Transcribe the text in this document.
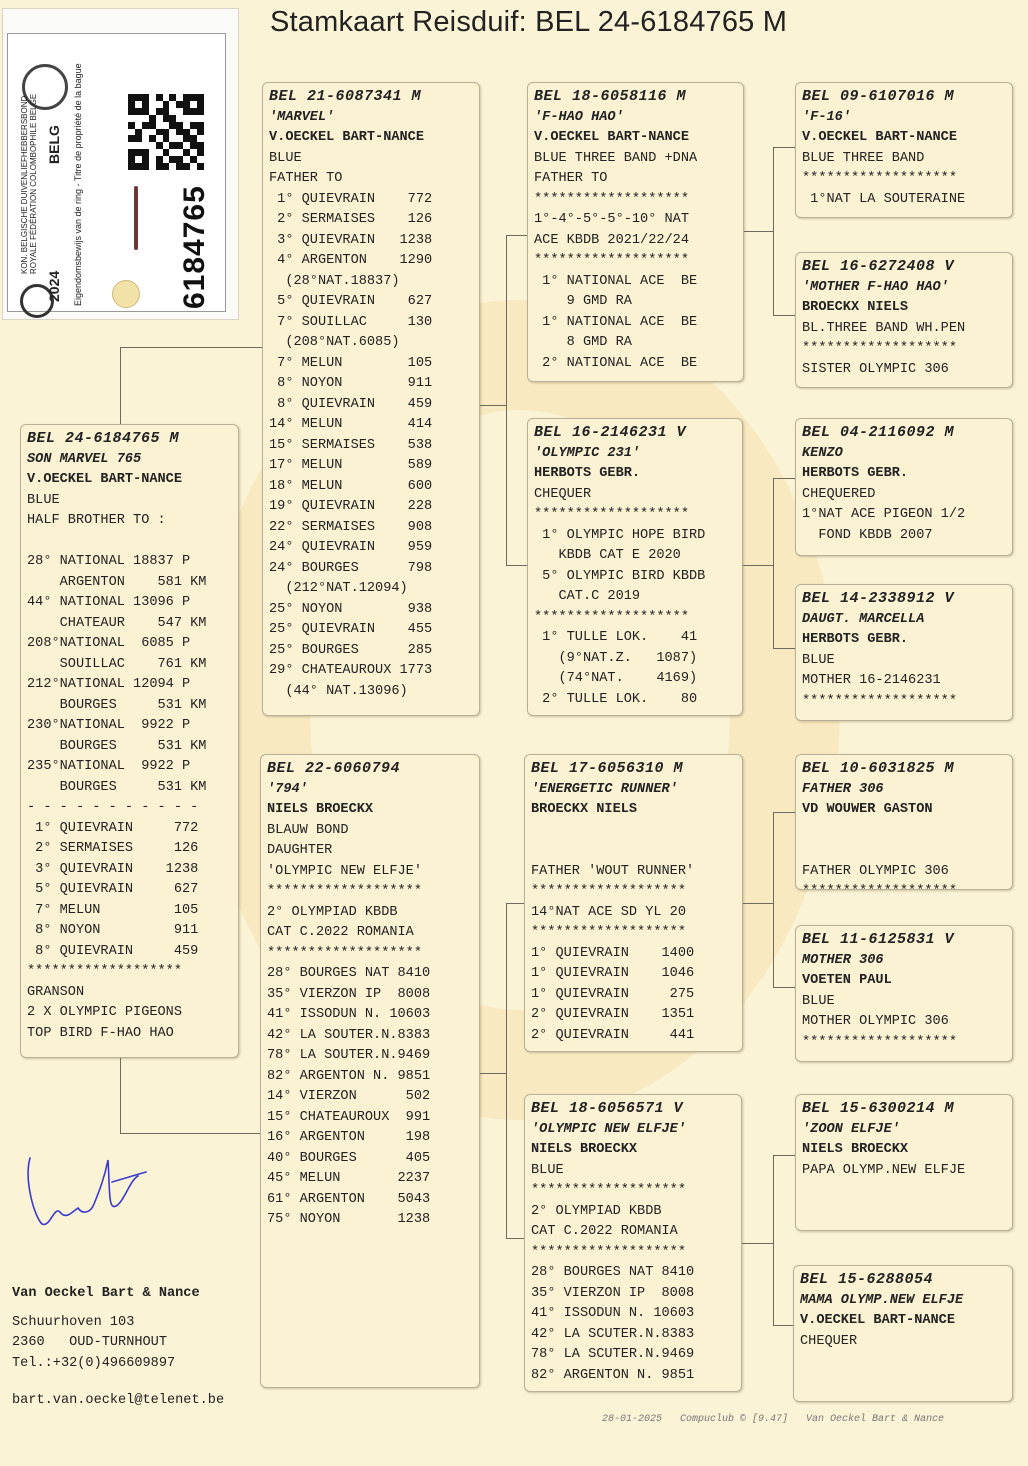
Stamkaart Reisduif: BEL 24-6184765 M
KON. BELGISCHE DUIVENLIEFHEBBERSBOND ROYALE FÉDÉRATION COLOMBOPHILE BELGE
2024
BELG	Eigendomsbewijs van de ring - Titre de propriété de la bague	6184765
BEL 24-6184765 M
SON MARVEL 765
V.OECKEL BART-NANCE
BLUE
HALF BROTHER TO :

28° NATIONAL 18837 P
ARGENTON    581 KM
44° NATIONAL 13096 P
CHATEAUR    547 KM
208°NATIONAL  6085 P
SOUILLAC    761 KM
212°NATIONAL 12094 P
BOURGES     531 KM
230°NATIONAL  9922 P
BOURGES     531 KM
235°NATIONAL  9922 P
BOURGES     531 KM
- - - - - - - - - - -
1° QUIEVRAIN     772
2° SERMAISES     126
3° QUIEVRAIN    1238
5° QUIEVRAIN     627
7° MELUN         105
8° NOYON         911
8° QUIEVRAIN     459
*******************
GRANSON
2 X OLYMPIC PIGEONS
TOP BIRD F-HAO HAO
BEL 21-6087341 M
'MARVEL'
V.OECKEL BART-NANCE
BLUE
FATHER TO
1° QUIEVRAIN    772
2° SERMAISES    126
3° QUIEVRAIN   1238
4° ARGENTON    1290
(28°NAT.18837)
5° QUIEVRAIN    627
7° SOUILLAC     130
(208°NAT.6085)
7° MELUN        105
8° NOYON        911
8° QUIEVRAIN    459
14° MELUN        414
15° SERMAISES    538
17° MELUN        589
18° MELUN        600
19° QUIEVRAIN    228
22° SERMAISES    908
24° QUIEVRAIN    959
24° BOURGES      798
(212°NAT.12094)
25° NOYON        938
25° QUIEVRAIN    455
25° BOURGES      285
29° CHATEAUROUX 1773
(44° NAT.13096)
BEL 22-6060794
'794'
NIELS BROECKX
BLAUW BOND
DAUGHTER
'OLYMPIC NEW ELFJE'
*******************
2° OLYMPIAD KBDB
CAT C.2022 ROMANIA
*******************
28° BOURGES NAT 8410
35° VIERZON IP  8008
41° ISSODUN N. 10603
42° LA SOUTER.N.8383
78° LA SOUTER.N.9469
82° ARGENTON N. 9851
14° VIERZON      502
15° CHATEAUROUX  991
16° ARGENTON     198
40° BOURGES      405
45° MELUN       2237
61° ARGENTON    5043
75° NOYON       1238
BEL 18-6058116 M
'F-HAO HAO'
V.OECKEL BART-NANCE
BLUE THREE BAND +DNA
FATHER TO
*******************
1°-4°-5°-5°-10° NAT
ACE KBDB 2021/22/24
*******************
1° NATIONAL ACE  BE
9 GMD RA
1° NATIONAL ACE  BE
8 GMD RA
2° NATIONAL ACE  BE
BEL 16-2146231 V
'OLYMPIC 231'
HERBOTS GEBR.
CHEQUER
*******************
1° OLYMPIC HOPE BIRD
KBDB CAT E 2020
5° OLYMPIC BIRD KBDB
CAT.C 2019
*******************
1° TULLE LOK.    41
(9°NAT.Z.   1087)
(74°NAT.    4169)
2° TULLE LOK.    80
BEL 17-6056310 M
'ENERGETIC RUNNER'
BROECKX NIELS

FATHER 'WOUT RUNNER'
*******************
14°NAT ACE SD YL 20
*******************
1° QUIEVRAIN    1400
1° QUIEVRAIN    1046
1° QUIEVRAIN     275
2° QUIEVRAIN    1351
2° QUIEVRAIN     441
BEL 18-6056571 V
'OLYMPIC NEW ELFJE'
NIELS BROECKX
BLUE
*******************
2° OLYMPIAD KBDB
CAT C.2022 ROMANIA
*******************
28° BOURGES NAT 8410
35° VIERZON IP  8008
41° ISSODUN N. 10603
42° LA SCUTER.N.8383
78° LA SCUTER.N.9469
82° ARGENTON N. 9851
BEL 09-6107016 M
'F-16'
V.OECKEL BART-NANCE
BLUE THREE BAND
*******************
1°NAT LA SOUTERAINE
BEL 16-6272408 V
'MOTHER F-HAO HAO'
BROECKX NIELS
BL.THREE BAND WH.PEN
*******************
SISTER OLYMPIC 306
BEL 04-2116092 M
KENZO
HERBOTS GEBR.
CHEQUERED
1°NAT ACE PIGEON 1/2
FOND KBDB 2007
BEL 14-2338912 V
DAUGT. MARCELLA
HERBOTS GEBR.
BLUE
MOTHER 16-2146231
*******************
BEL 10-6031825 M
FATHER 306
VD WOUWER GASTON

FATHER OLYMPIC 306
*******************
BEL 11-6125831 V
MOTHER 306
VOETEN PAUL
BLUE
MOTHER OLYMPIC 306
*******************
BEL 15-6300214 M
'ZOON ELFJE'
NIELS BROECKX
PAPA OLYMP.NEW ELFJE
BEL 15-6288054
MAMA OLYMP.NEW ELFJE
V.OECKEL BART-NANCE
CHEQUER
Van Oeckel Bart & Nance
Schuurhoven 103
2360   OUD-TURNHOUT
Tel.:+32(0)496609897
bart.van.oeckel@telenet.be
28-01-2025   Compuclub © [9.47]   Van Oeckel Bart & Nance
